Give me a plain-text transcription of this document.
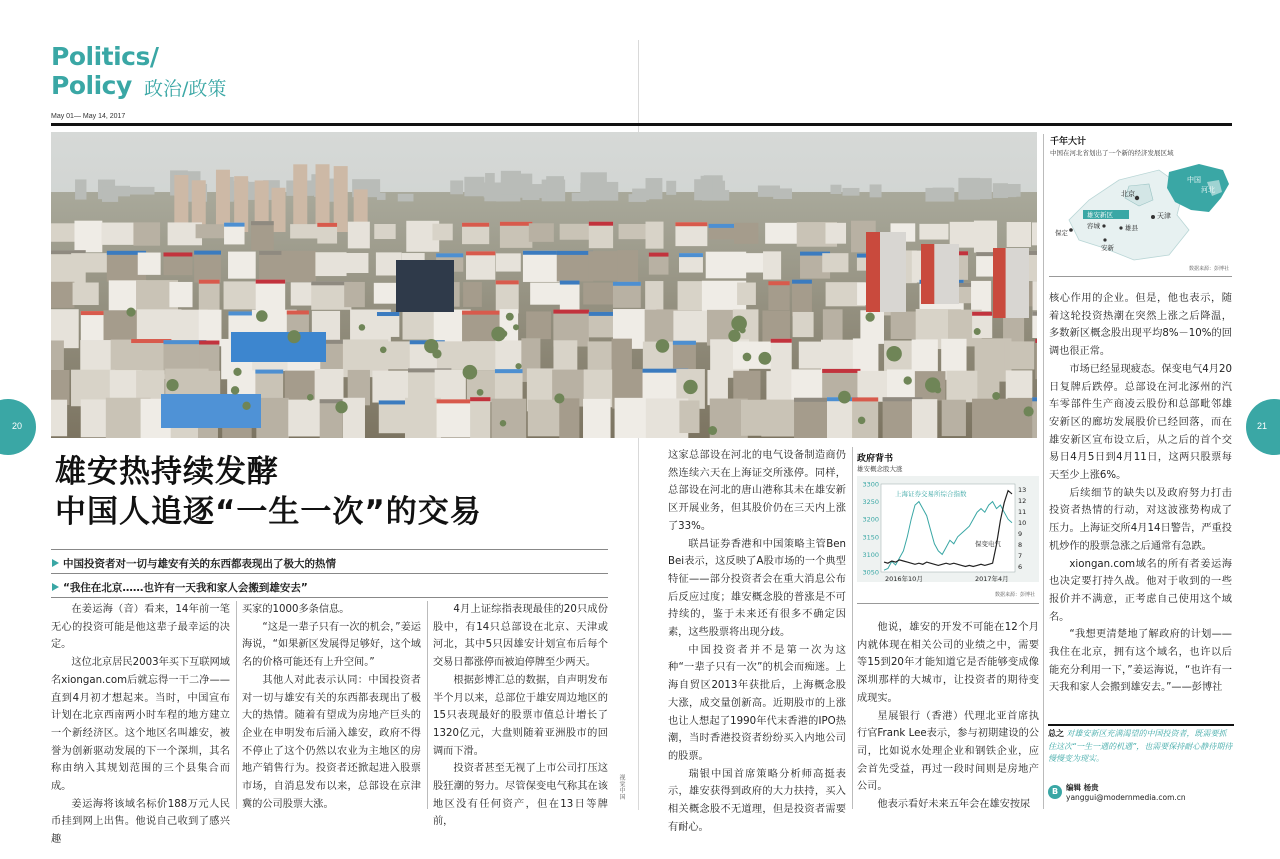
Politics/
Policy 政治/政策
May 01— May 14, 2017
20	21
雄安热持续发酵
中国人追逐“一生一次”的交易
中国投资者对一切与雄安有关的东西都表现出了极大的热情
“我住在北京……也许有一天我和家人会搬到雄安去”

在姜运海（音）看来，14年前一笔无心的投资可能是他这辈子最幸运的决定。

这位北京居民2003年买下互联网域名xiongan.com后就忘得一干二净——直到4月初才想起来。当时，中国宣布计划在北京西南两小时车程的地方建立一个新经济区。这个地区名叫雄安，被誉为创新驱动发展的下一个深圳，其名称由纳入其规划范围的三个县集合而成。

姜运海将该域名标价188万元人民币挂到网上出售。他说自己收到了感兴趣

买家的1000多条信息。

“这是一辈子只有一次的机会，”姜运海说，“如果新区发展得足够好，这个域名的价格可能还有上升空间。”

其他人对此表示认同：中国投资者对一切与雄安有关的东西都表现出了极大的热情。随着有望成为房地产巨头的企业在申明发布后涌入雄安，政府不得不停止了这个仍然以农业为主地区的房地产销售行为。投资者还掀起进入股票市场，自消息发布以来，总部设在京津冀的公司股票大涨。

4月上证综指表现最佳的20只成份股中，有14只总部设在北京、天津或河北，其中5只因雄安计划宣布后每个交易日都涨停而被迫停牌至少两天。

根据彭博汇总的数据，自声明发布半个月以来，总部位于雄安周边地区的15只表现最好的股票市值总计增长了1320亿元，大盘则随着亚洲股市的回调而下滑。

投资者甚至无视了上市公司打压这股狂潮的努力。尽管保变电气称其在该地区没有任何资产，但在13日等牌前，

视觉中国

这家总部设在河北的电气设备制造商仍然连续六天在上海证交所涨停。同样，总部设在河北的唐山港称其未在雄安新区开展业务，但其股价仍在三天内上涨了33%。

联昌证券香港和中国策略主管Ben Bei表示，这反映了A股市场的一个典型特征——部分投资者会在重大消息公布后反应过度；雄安概念股的普涨是不可持续的，鉴于未来还有很多不确定因素，这些股票将出现分歧。

中国投资者并不是第一次为这种“一辈子只有一次”的机会而痴迷。上海自贸区2013年获批后，上海概念股大涨，成交量创新高。近期股市的上涨也让人想起了1990年代末香港的IPO热潮，当时香港投资者纷纷买入内地公司的股票。

瑞银中国首席策略分析师高挺表示，雄安获得到政府的大力扶持，买入相关概念股不无道理，但是投资者需要有耐心。

政府背书
雄安概念股大涨
3050
3100
3150
3200
3250
3300
6
7
8
9
10
11
12
13
上海证券交易所综合指数
保变电气
2016年10月	2017年4月
数据来源：彭博社

他说，雄安的开发不可能在12个月内就体现在相关公司的业绩之中，需要等15到20年才能知道它是否能够变成像深圳那样的大城市，让投资者的期待变成现实。

星展银行（香港）代理北亚首席执行官Frank Lee表示，参与初期建设的公司，比如说水处理企业和钢铁企业，应会首先受益，再过一段时间则是房地产公司。

他表示看好未来五年会在雄安按尿

千年大计
中国在河北省划出了一个新的经济发展区域
中国
河北
北京
天津
雄安新区
保定
容城	雄县
安新
数据来源：彭博社

核心作用的企业。但是，他也表示，随着这轮投资热潮在突然上涨之后降温，多数新区概念股出现平均8%－10%的回调也很正常。

市场已经显现疲态。保变电气4月20日复牌后跌停。总部设在河北涿州的汽车零部件生产商凌云股份和总部毗邻雄安新区的廊坊发展股价已经回落，而在雄安新区宣布设立后，从之后的首个交易日4月5日到4月11日，这两只股票每天至少上涨6%。

后续细节的缺失以及政府努力打击投资者热情的行动，对这波涨势构成了压力。上海证交所4月14日警告，严重投机炒作的股票急涨之后通常有急跌。

xiongan.com域名的所有者姜运海也决定要打持久战。他对于收到的一些报价并不满意，正考虑自己使用这个域名。

“我想更清楚地了解政府的计划——我住在北京，拥有这个域名，也许以后能充分利用一下，”姜运海说，“也许有一天我和家人会搬到雄安去。”——彭博社

总之 对雄安新区充满渴望的中国投资者，既需要抓住这次“一生一遇的机遇”，也需要保持耐心静待期待慢慢变为现实。
B	编辑 杨贵
yanggui@modernmedia.com.cn
